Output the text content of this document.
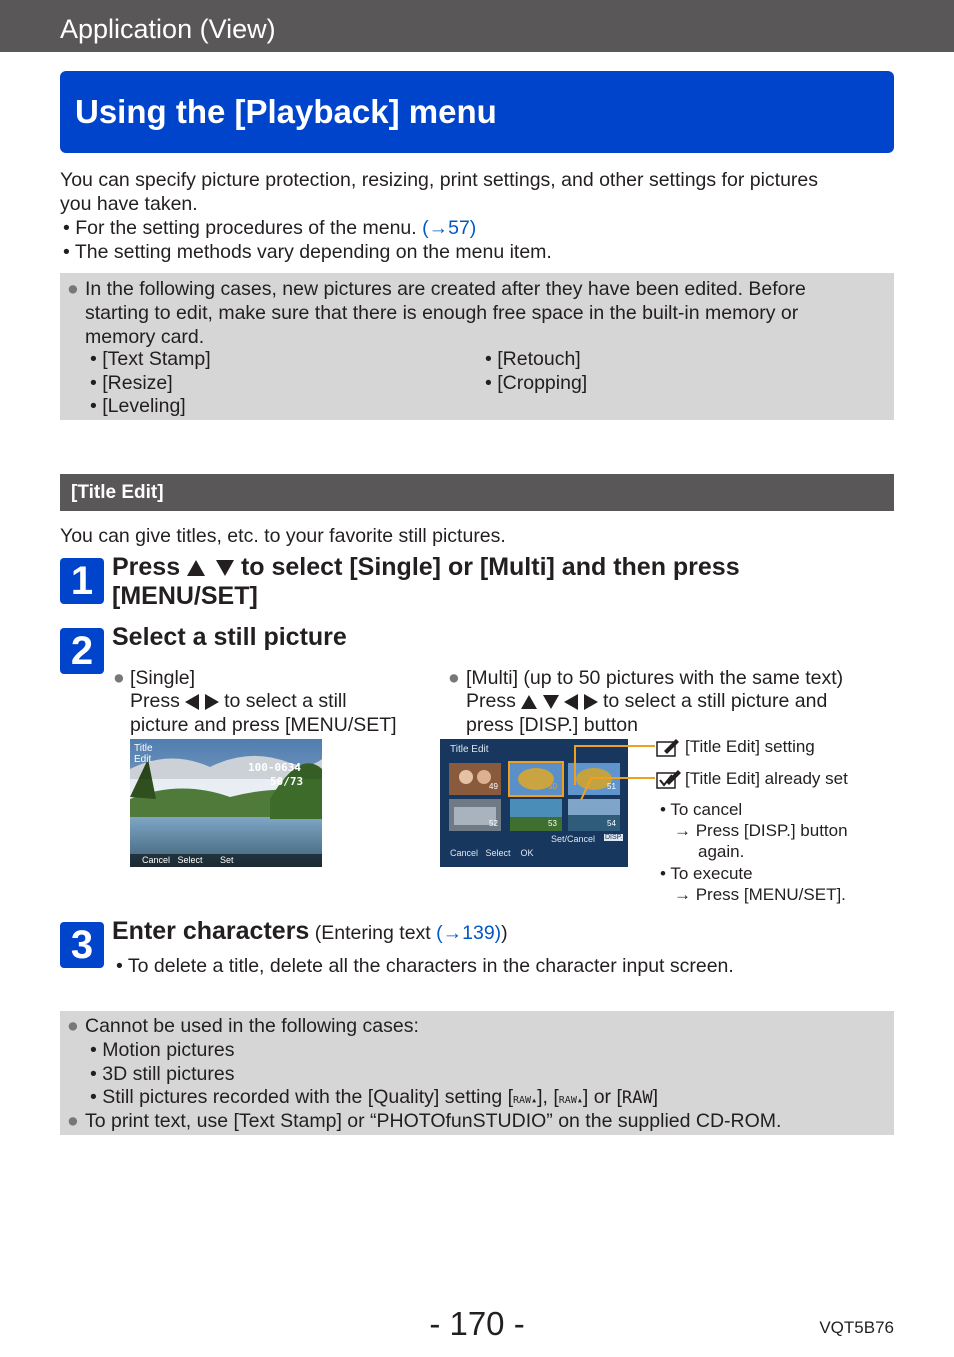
Application (View)
Using the [Playback] menu
You can specify picture protection, resizing, print settings, and other settings for pictures
you have taken.
• For the setting procedures of the menu. (→57)
• The setting methods vary depending on the menu item.
● In the following cases, new pictures are created after they have been edited. Before
starting to edit, make sure that there is enough free space in the built-in memory or
memory card.
• [Text Stamp]
• [Resize]
• [Leveling]
• [Retouch]
• [Cropping]
[Title Edit]
You can give titles, etc. to your favorite still pictures.
1 Press   to select [Single] or [Multi] and then press
[MENU/SET]
2 Select a still picture
● [Single]
Press   to select a still
picture and press [MENU/SET]
Title
Edit
100-0634
50/73
Cancel   Select       Set
● [Multi] (up to 50 pictures with the same text)
Press	to select a still picture and
press [DISP.] button
Title Edit
49	50	51
52	53	54
Set/Cancel DISP.
Cancel   Select    OK
[Title Edit] setting
[Title Edit] already set
• To cancel
→ Press [DISP.] button
again.
• To execute
→ Press [MENU/SET].
3 Enter characters (Entering text (→139))
• To delete a title, delete all the characters in the character input screen.
● Cannot be used in the following cases:
• Motion pictures
• 3D still pictures
• Still pictures recorded with the [Quality] setting [RAW▴], [RAW▴] or [RAW]
● To print text, use [Text Stamp] or “PHOTOfunSTUDIO” on the supplied CD-ROM.
- 170 -	VQT5B76
